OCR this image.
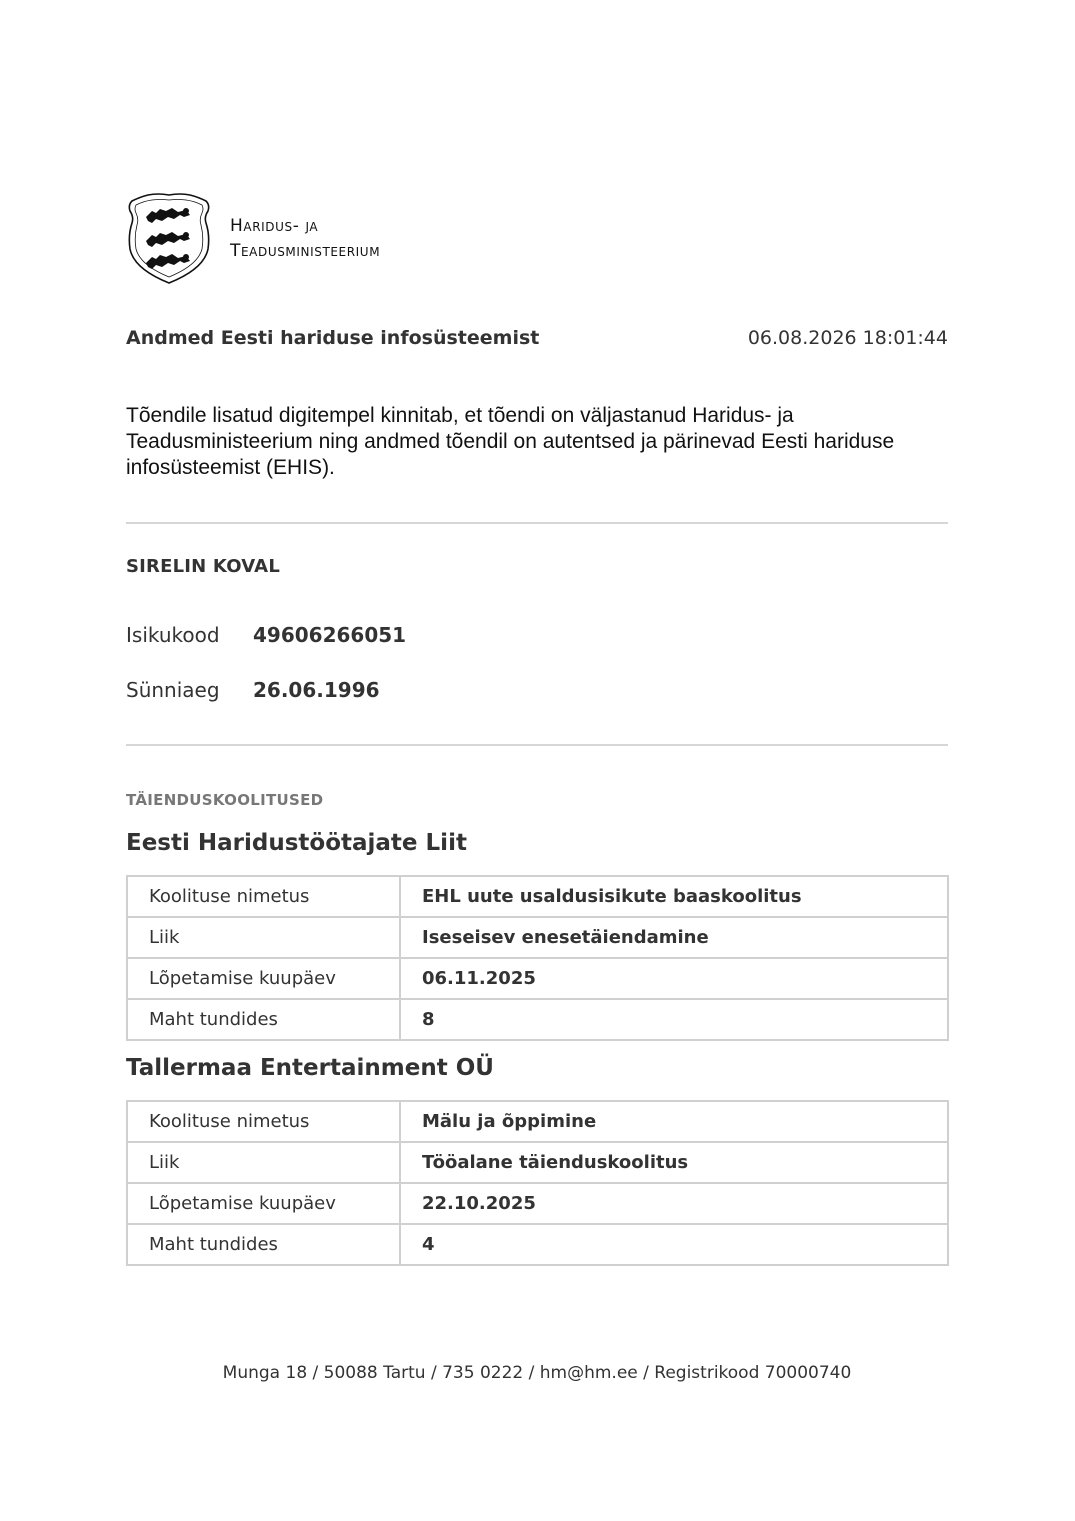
Haridus- ja
Teadusministeerium
Andmed Eesti hariduse infosüsteemist	06.08.2026 18:01:44
Tõendile lisatud digitempel kinnitab, et tõendi on väljastanud Haridus- ja Teadusministeerium ning andmed tõendil on autentsed ja pärinevad Eesti hariduse infosüsteemist (EHIS).
SIRELIN KOVAL
Isikukood	49606266051
Sünniaeg	26.06.1996
TÄIENDUSKOOLITUSED
Eesti Haridustöötajate Liit
Koolituse nimetus	EHL uute usaldusisikute baaskoolitus
Liik	Iseseisev enesetäiendamine
Lõpetamise kuupäev	06.11.2025
Maht tundides	8
Tallermaa Entertainment OÜ
Koolituse nimetus	Mälu ja õppimine
Liik	Tööalane täienduskoolitus
Lõpetamise kuupäev	22.10.2025
Maht tundides	4
Munga 18 / 50088 Tartu / 735 0222 / hm@hm.ee / Registrikood 70000740
